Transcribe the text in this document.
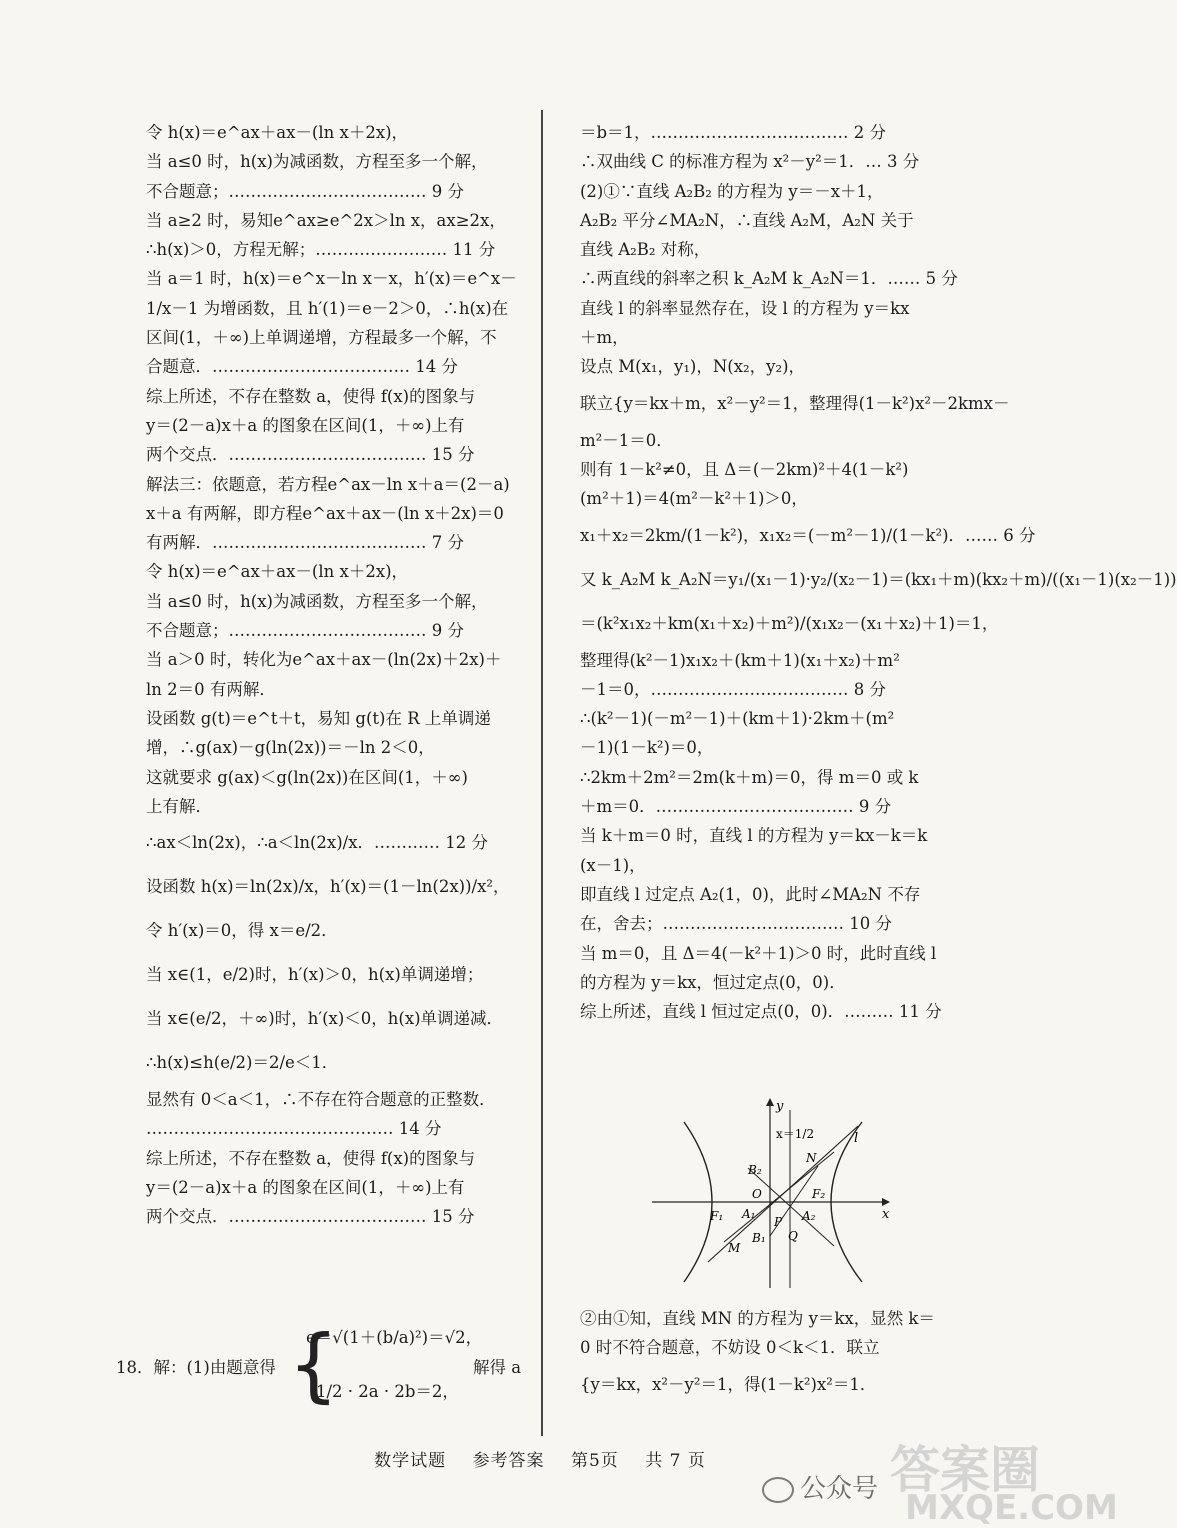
令 h(x)＝e^ax＋ax－(ln x＋2x)，
当 a≤0 时，h(x)为减函数，方程至多一个解，
不合题意；……………………………… 9 分
当 a≥2 时，易知e^ax≥e^2x＞ln x，ax≥2x，
∴h(x)＞0，方程无解；…………………… 11 分
当 a＝1 时，h(x)＝e^x－ln x－x，h′(x)＝e^x－
1/x－1 为增函数，且 h′(1)＝e－2＞0，∴h(x)在
区间(1，＋∞)上单调递增，方程最多一个解，不
合题意．……………………………… 14 分
综上所述，不存在整数 a，使得 f(x)的图象与
y＝(2－a)x＋a 的图象在区间(1，＋∞)上有
两个交点．……………………………… 15 分
解法三：依题意，若方程e^ax－ln x＋a＝(2－a)
x＋a 有两解，即方程e^ax＋ax－(ln x＋2x)＝0
有两解．………………………………… 7 分
令 h(x)＝e^ax＋ax－(ln x＋2x)，
当 a≤0 时，h(x)为减函数，方程至多一个解，
不合题意；……………………………… 9 分
当 a＞0 时，转化为e^ax＋ax－(ln(2x)＋2x)＋
ln 2＝0 有两解．
设函数 g(t)＝e^t＋t，易知 g(t)在 R 上单调递
增，∴g(ax)－g(ln(2x))＝－ln 2＜0，
这就要求 g(ax)＜g(ln(2x))在区间(1，＋∞)
上有解．
∴ax＜ln(2x)，∴a＜ln(2x)/x．………… 12 分
设函数 h(x)＝ln(2x)/x，h′(x)＝(1－ln(2x))/x²，
令 h′(x)＝0，得 x＝e/2．
当 x∈(1，e/2)时，h′(x)＞0，h(x)单调递增；
当 x∈(e/2，＋∞)时，h′(x)＜0，h(x)单调递减．
∴h(x)≤h(e/2)＝2/e＜1．
显然有 0＜a＜1，∴不存在符合题意的正整数．
……………………………………… 14 分
综上所述，不存在整数 a，使得 f(x)的图象与
y＝(2－a)x＋a 的图象在区间(1，＋∞)上有
两个交点．……………………………… 15 分
18．解：(1)由题意得 {
e＝√(1＋(b/a)²)＝√2，
1/2 · 2a · 2b＝2，
解得 a
＝b＝1，……………………………… 2 分
∴双曲线 C 的标准方程为 x²－y²＝1．… 3 分
(2)①∵直线 A₂B₂ 的方程为 y＝－x＋1，
A₂B₂ 平分∠MA₂N，∴直线 A₂M，A₂N 关于
直线 A₂B₂ 对称，
∴两直线的斜率之积 k_A₂M k_A₂N＝1．…… 5 分
直线 l 的斜率显然存在，设 l 的方程为 y＝kx
＋m，
设点 M(x₁，y₁)，N(x₂，y₂)，
联立{y＝kx＋m，x²－y²＝1，整理得(1－k²)x²－2kmx－
m²－1＝0．
则有 1－k²≠0，且 Δ＝(－2km)²＋4(1－k²)
(m²＋1)＝4(m²－k²＋1)＞0，
x₁＋x₂＝2km/(1－k²)，x₁x₂＝(－m²－1)/(1－k²)．…… 6 分
又 k_A₂M k_A₂N＝y₁/(x₁－1)·y₂/(x₂－1)＝(kx₁＋m)(kx₂＋m)/((x₁－1)(x₂－1))
＝(k²x₁x₂＋km(x₁＋x₂)＋m²)/(x₁x₂－(x₁＋x₂)＋1)＝1，
整理得(k²－1)x₁x₂＋(km＋1)(x₁＋x₂)＋m²
－1＝0，……………………………… 8 分
∴(k²－1)(－m²－1)＋(km＋1)·2km＋(m²
－1)(1－k²)＝0，
∴2km＋2m²＝2m(k＋m)＝0，得 m＝0 或 k
＋m＝0．……………………………… 9 分
当 k＋m＝0 时，直线 l 的方程为 y＝kx－k＝k
(x－1)，
即直线 l 过定点 A₂(1，0)，此时∠MA₂N 不存
在，舍去；…………………………… 10 分
当 m＝0，且 Δ＝4(－k²＋1)＞0 时，此时直线 l
的方程为 y＝kx，恒过定点(0，0)．
综上所述，直线 l 恒过定点(0，0)．……… 11 分
y
x
x＝1/2	l
N
B₂
O	F₂
F₁ A₁
P A₂
M
B₁ Q
②由①知，直线 MN 的方程为 y＝kx，显然 k＝
0 时不符合题意，不妨设 0＜k＜1．联立
{y＝kx，x²－y²＝1，得(1－k²)x²＝1．
数学试题 参考答案 第5页 共 7 页	答案圈
MXQE.COM
公众号
